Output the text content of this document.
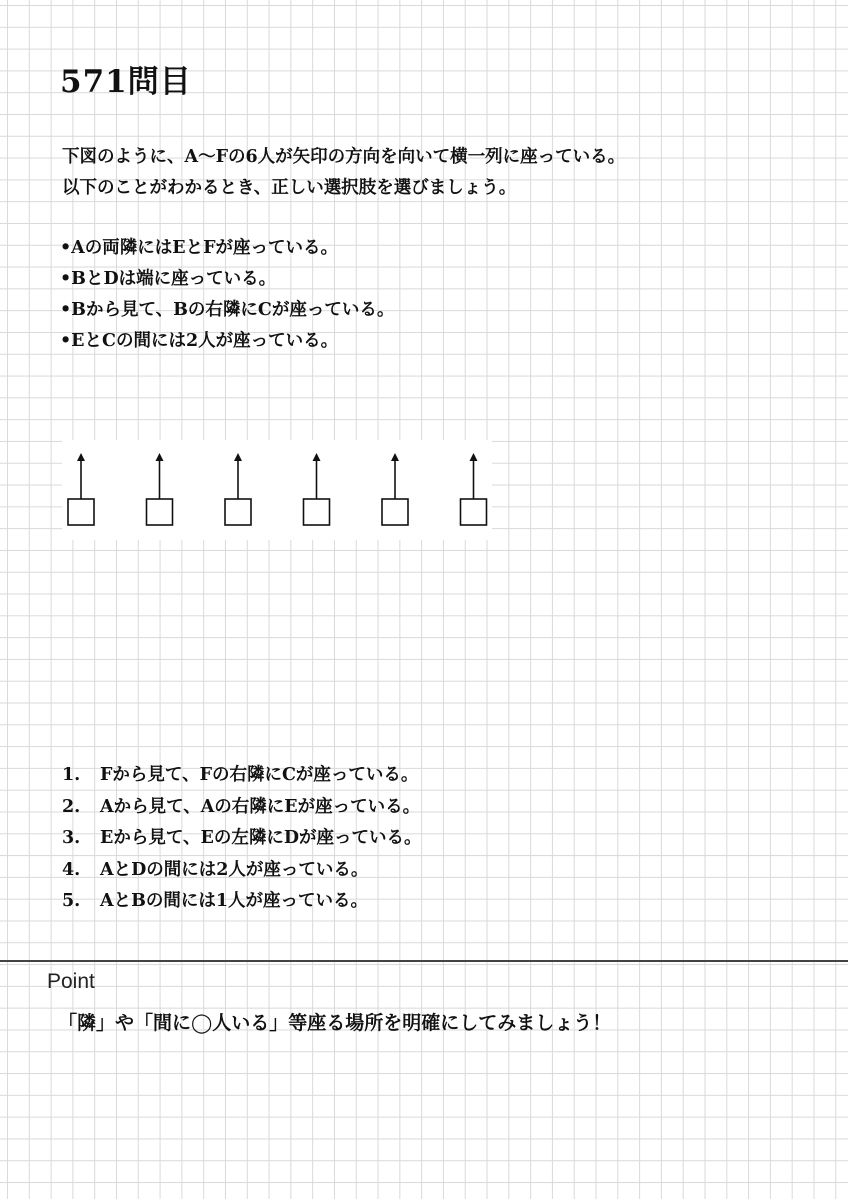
571問目
下図のように、A〜Fの6人が矢印の方向を向いて横一列に座っている。
以下のことがわかるとき、正しい選択肢を選びましょう。
•Aの両隣にはEとFが座っている。
•BとDは端に座っている。
•Bから見て、Bの右隣にCが座っている。
•EとCの間には2人が座っている。
1. Fから見て、Fの右隣にCが座っている。
2. Aから見て、Aの右隣にEが座っている。
3. Eから見て、Eの左隣にDが座っている。
4. AとDの間には2人が座っている。
5. AとBの間には1人が座っている。
Point
「隣」や「間に◯人いる」等座る場所を明確にしてみましょう！
